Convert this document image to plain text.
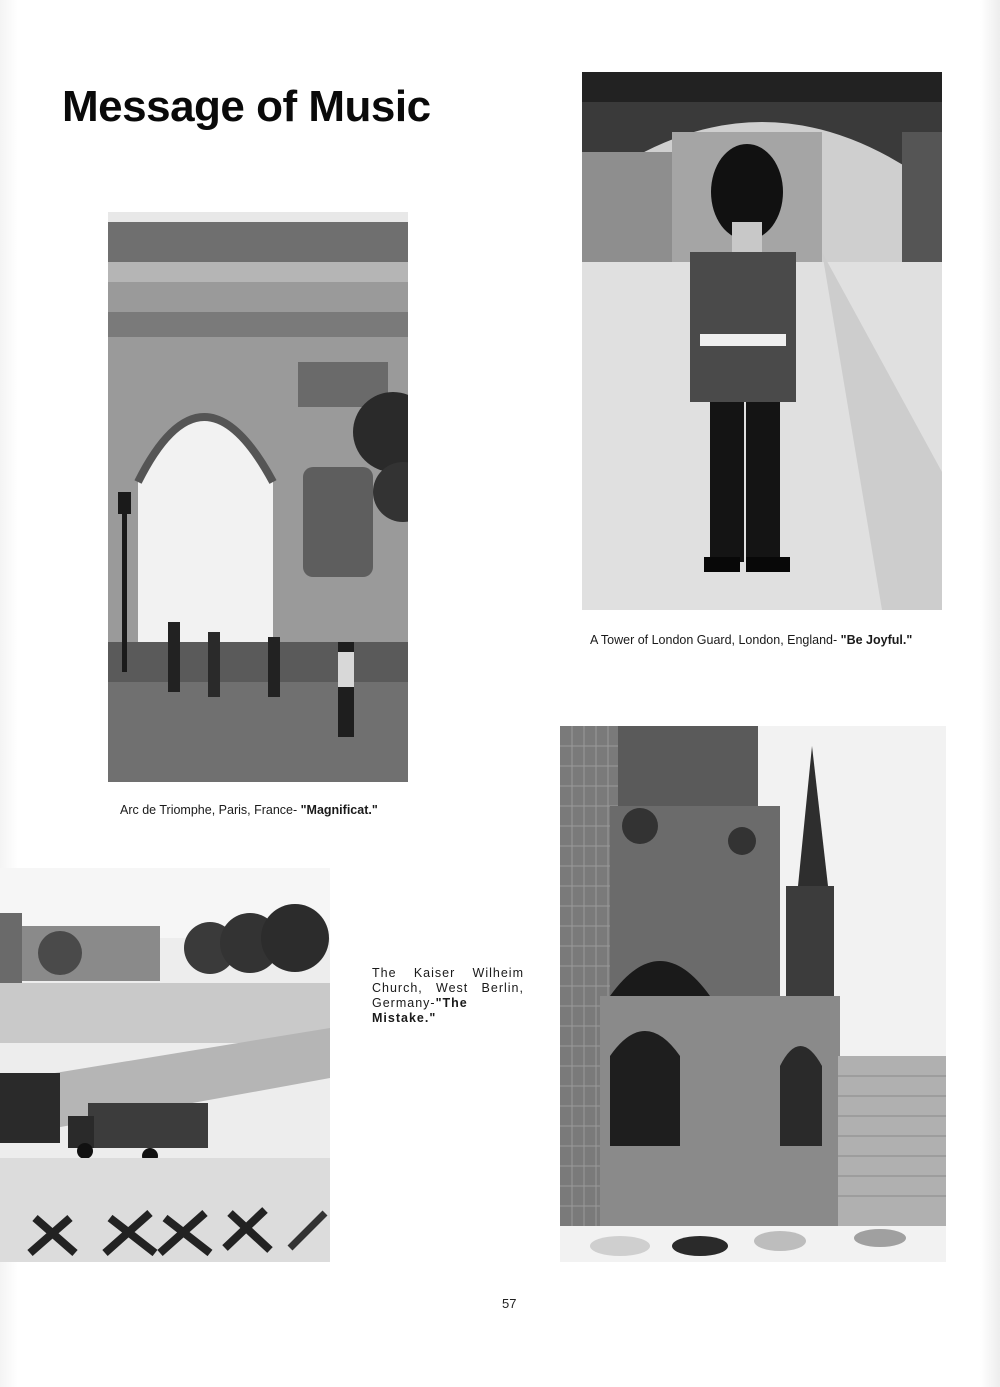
Message of Music
Arc de Triomphe, Paris, France- "Magnificat."
A Tower of London Guard, London, England- "Be Joyful."
The Kaiser Wilheim Church, West Berlin, Germany-"The Mistake."
57
